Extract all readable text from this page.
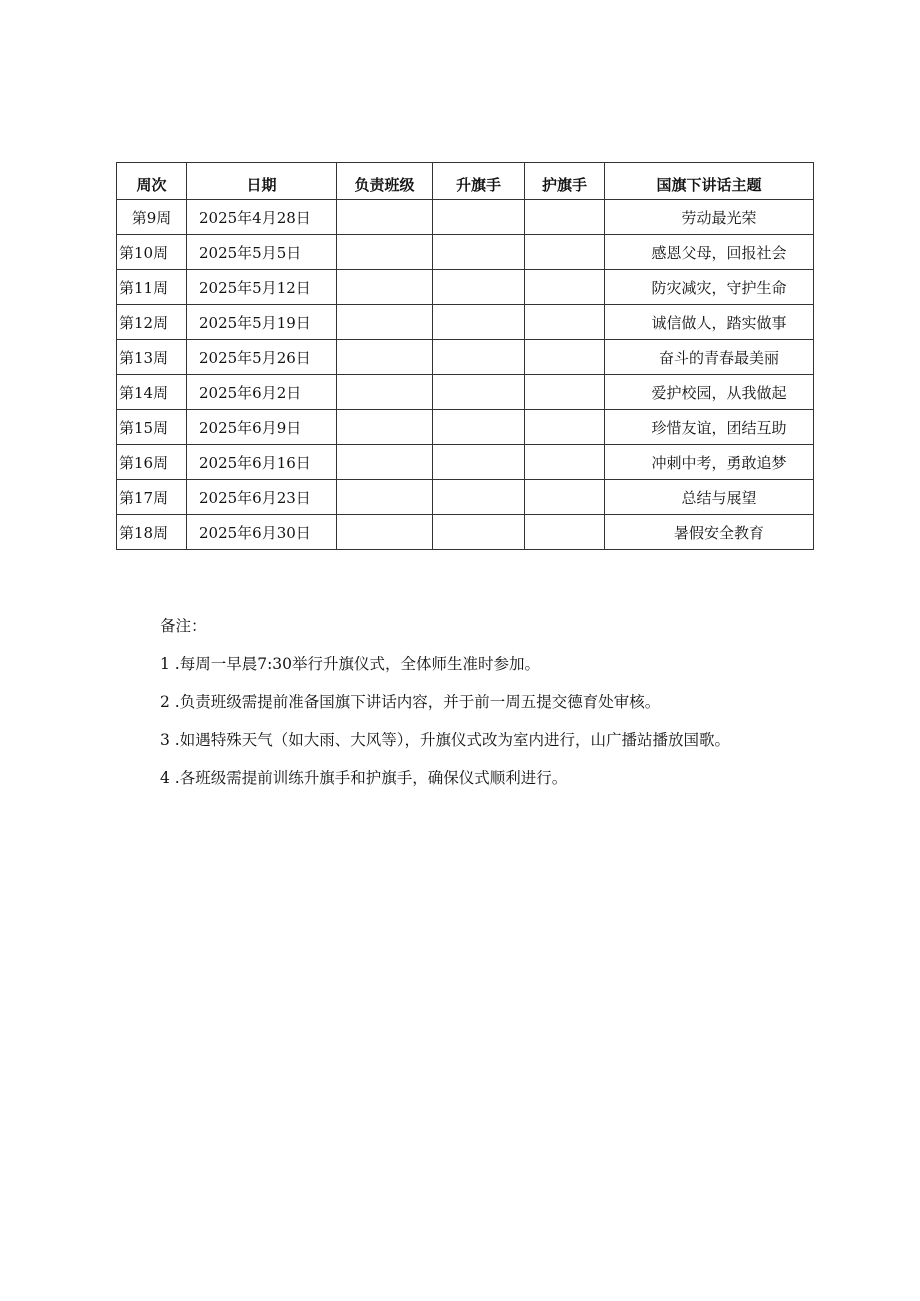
周次	日期	负责班级	升旗手	护旗手	国旗下讲话主题
第9周	2025年4月28日				劳动最光荣
第10周	2025年5月5日				感恩父母，回报社会
第11周	2025年5月12日				防灾减灾，守护生命
第12周	2025年5月19日				诚信做人，踏实做事
第13周	2025年5月26日				奋斗的青春最美丽
第14周	2025年6月2日				爱护校园，从我做起
第15周	2025年6月9日				珍惜友谊，团结互助
第16周	2025年6月16日				冲刺中考，勇敢追梦
第17周	2025年6月23日				总结与展望
第18周	2025年6月30日				暑假安全教育

备注：

1 .每周一早晨7:30举行升旗仪式，全体师生准时参加。

2 .负责班级需提前准备国旗下讲话内容，并于前一周五提交德育处审核。

3 .如遇特殊天气（如大雨、大风等），升旗仪式改为室内进行，山广播站播放国歌。

4 .各班级需提前训练升旗手和护旗手，确保仪式顺利进行。
